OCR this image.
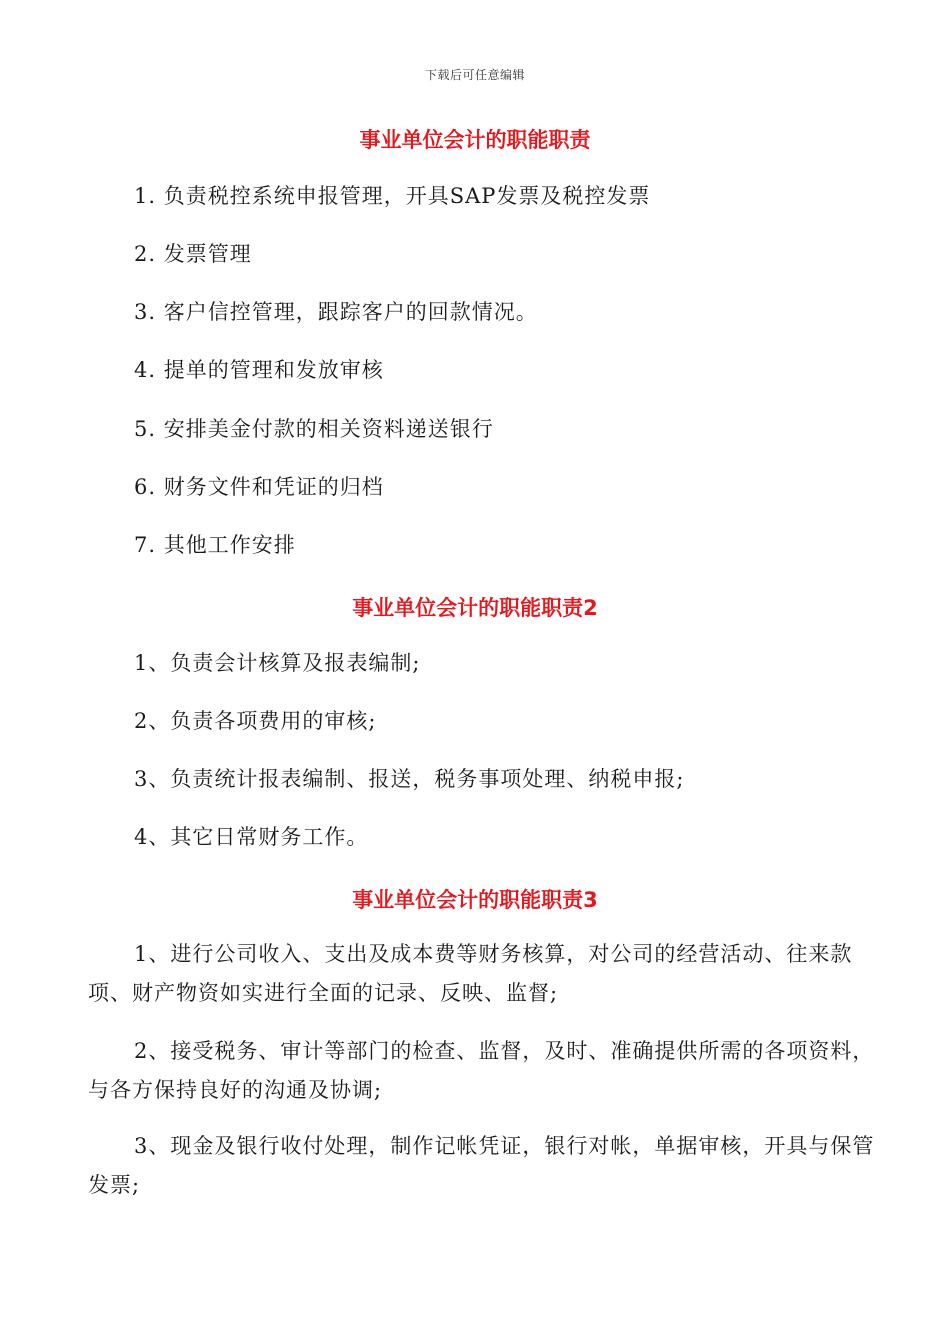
下载后可任意编辑
事业单位会计的职能职责
1. 负责税控系统申报管理，开具SAP发票及税控发票
2. 发票管理
3. 客户信控管理，跟踪客户的回款情况。
4. 提单的管理和发放审核
5. 安排美金付款的相关资料递送银行
6. 财务文件和凭证的归档
7. 其他工作安排
事业单位会计的职能职责2
1、负责会计核算及报表编制;
2、负责各项费用的审核;
3、负责统计报表编制、报送，税务事项处理、纳税申报;
4、其它日常财务工作。
事业单位会计的职能职责3
1、进行公司收入、支出及成本费等财务核算，对公司的经营活动、往来款项、财产物资如实进行全面的记录、反映、监督;
2、接受税务、审计等部门的检查、监督，及时、准确提供所需的各项资料，与各方保持良好的沟通及协调;
3、现金及银行收付处理，制作记帐凭证，银行对帐，单据审核，开具与保管发票;
